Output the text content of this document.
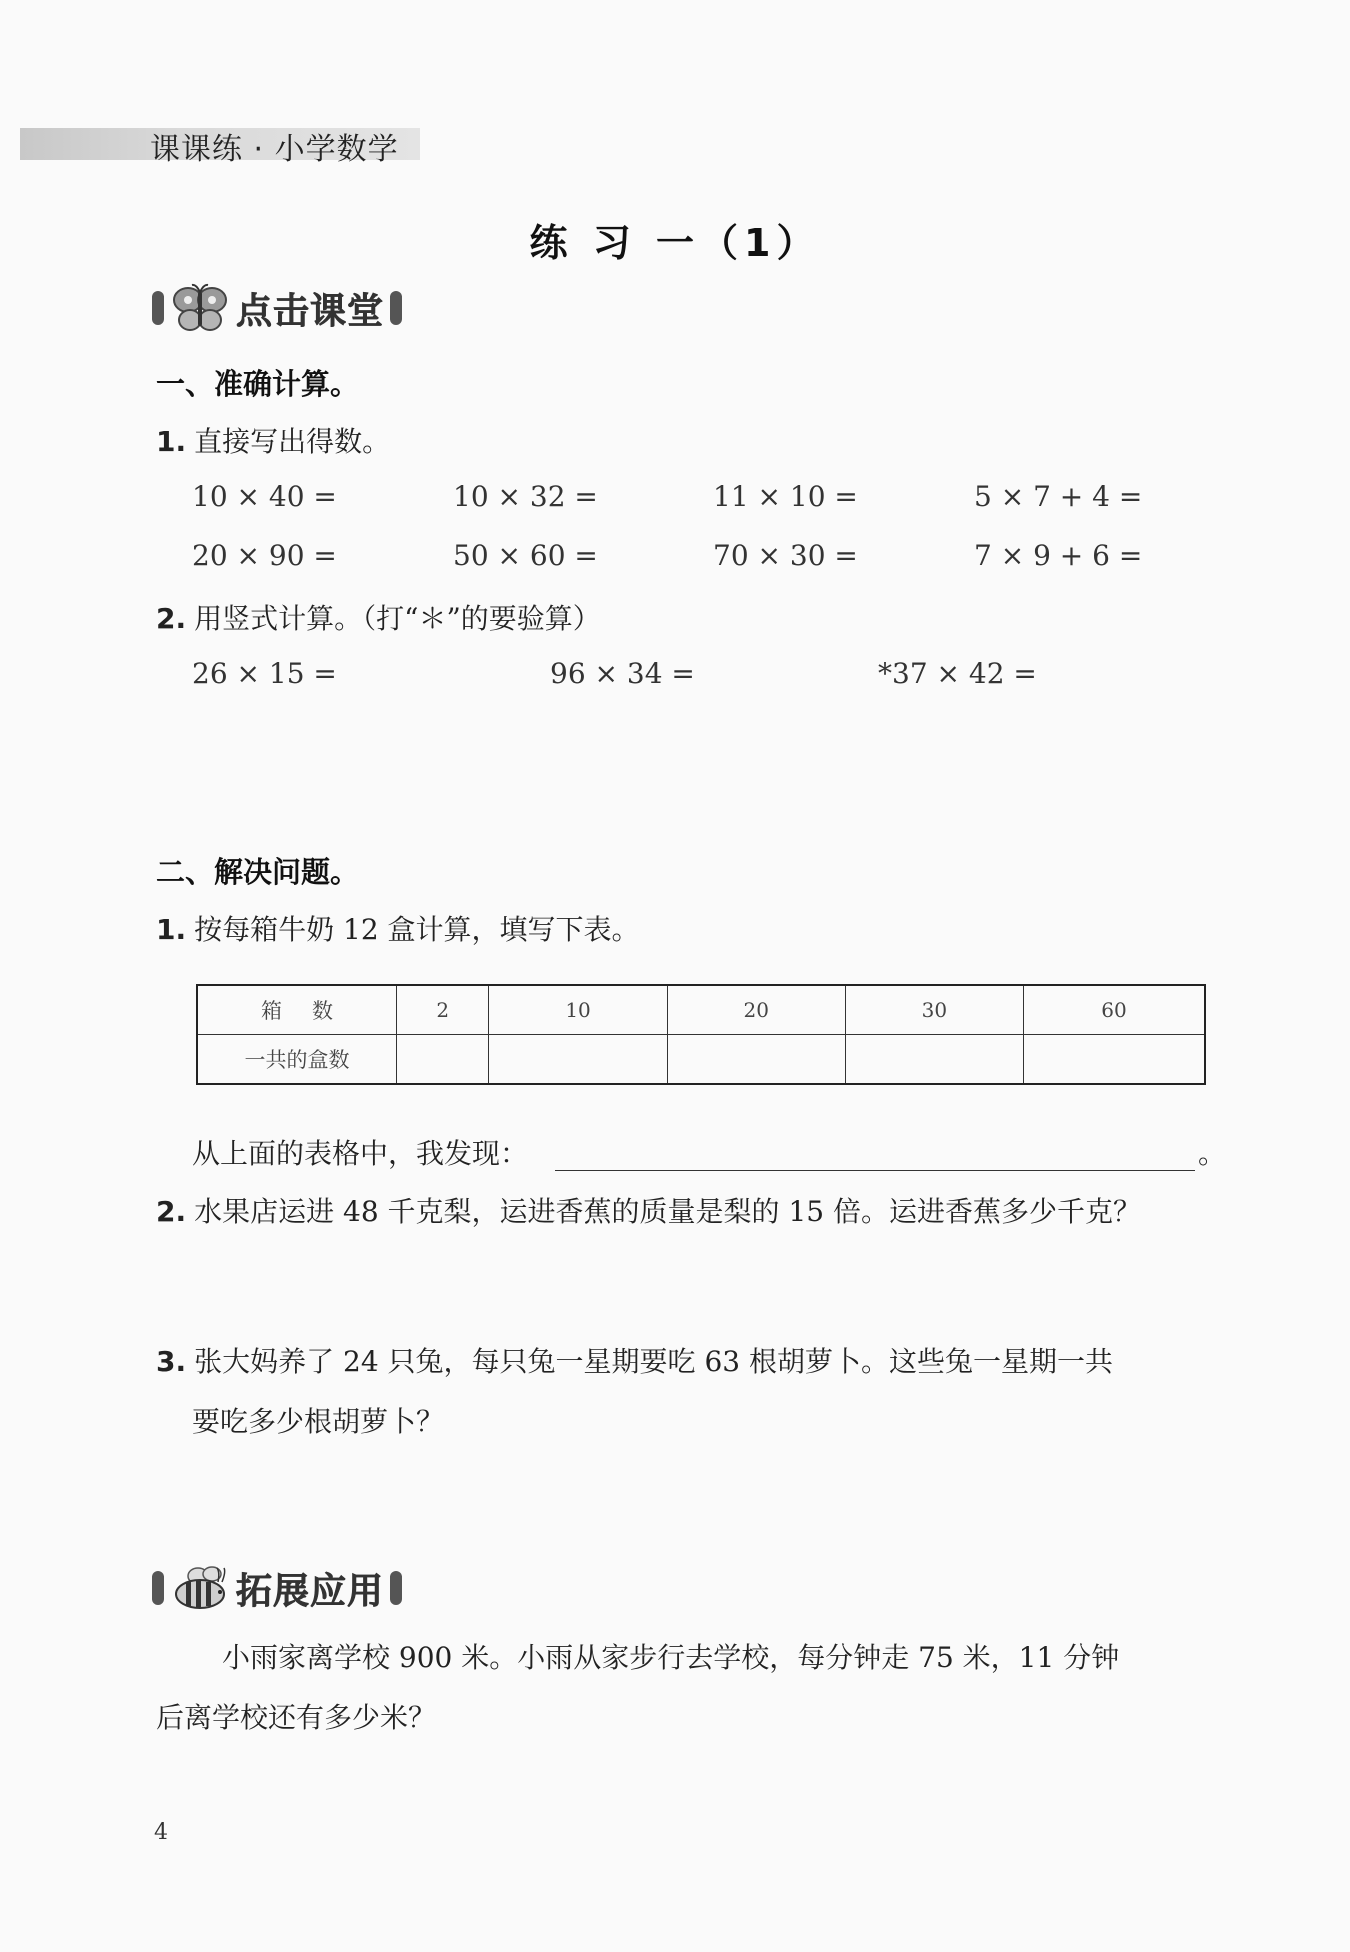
课课练 · 小学数学
练 习 一（1）
点击课堂
一、准确计算。
1. 直接写出得数。
10 × 40 =	10 × 32 =	11 × 10 =	5 × 7 + 4 =
20 × 90 =	50 × 60 =	70 × 30 =	7 × 9 + 6 =
2. 用竖式计算。（打“＊”的要验算）
26 × 15 =	96 × 34 =	*37 × 42 =
二、解决问题。
1. 按每箱牛奶 12 盒计算，填写下表。
箱数	2	10	20	30	60
一共的盒数					
从上面的表格中，我发现：	。
2. 水果店运进 48 千克梨，运进香蕉的质量是梨的 15 倍。运进香蕉多少千克？
3. 张大妈养了 24 只兔，每只兔一星期要吃 63 根胡萝卜。这些兔一星期一共
要吃多少根胡萝卜？
拓展应用
小雨家离学校 900 米。小雨从家步行去学校，每分钟走 75 米，11 分钟
后离学校还有多少米？
4
